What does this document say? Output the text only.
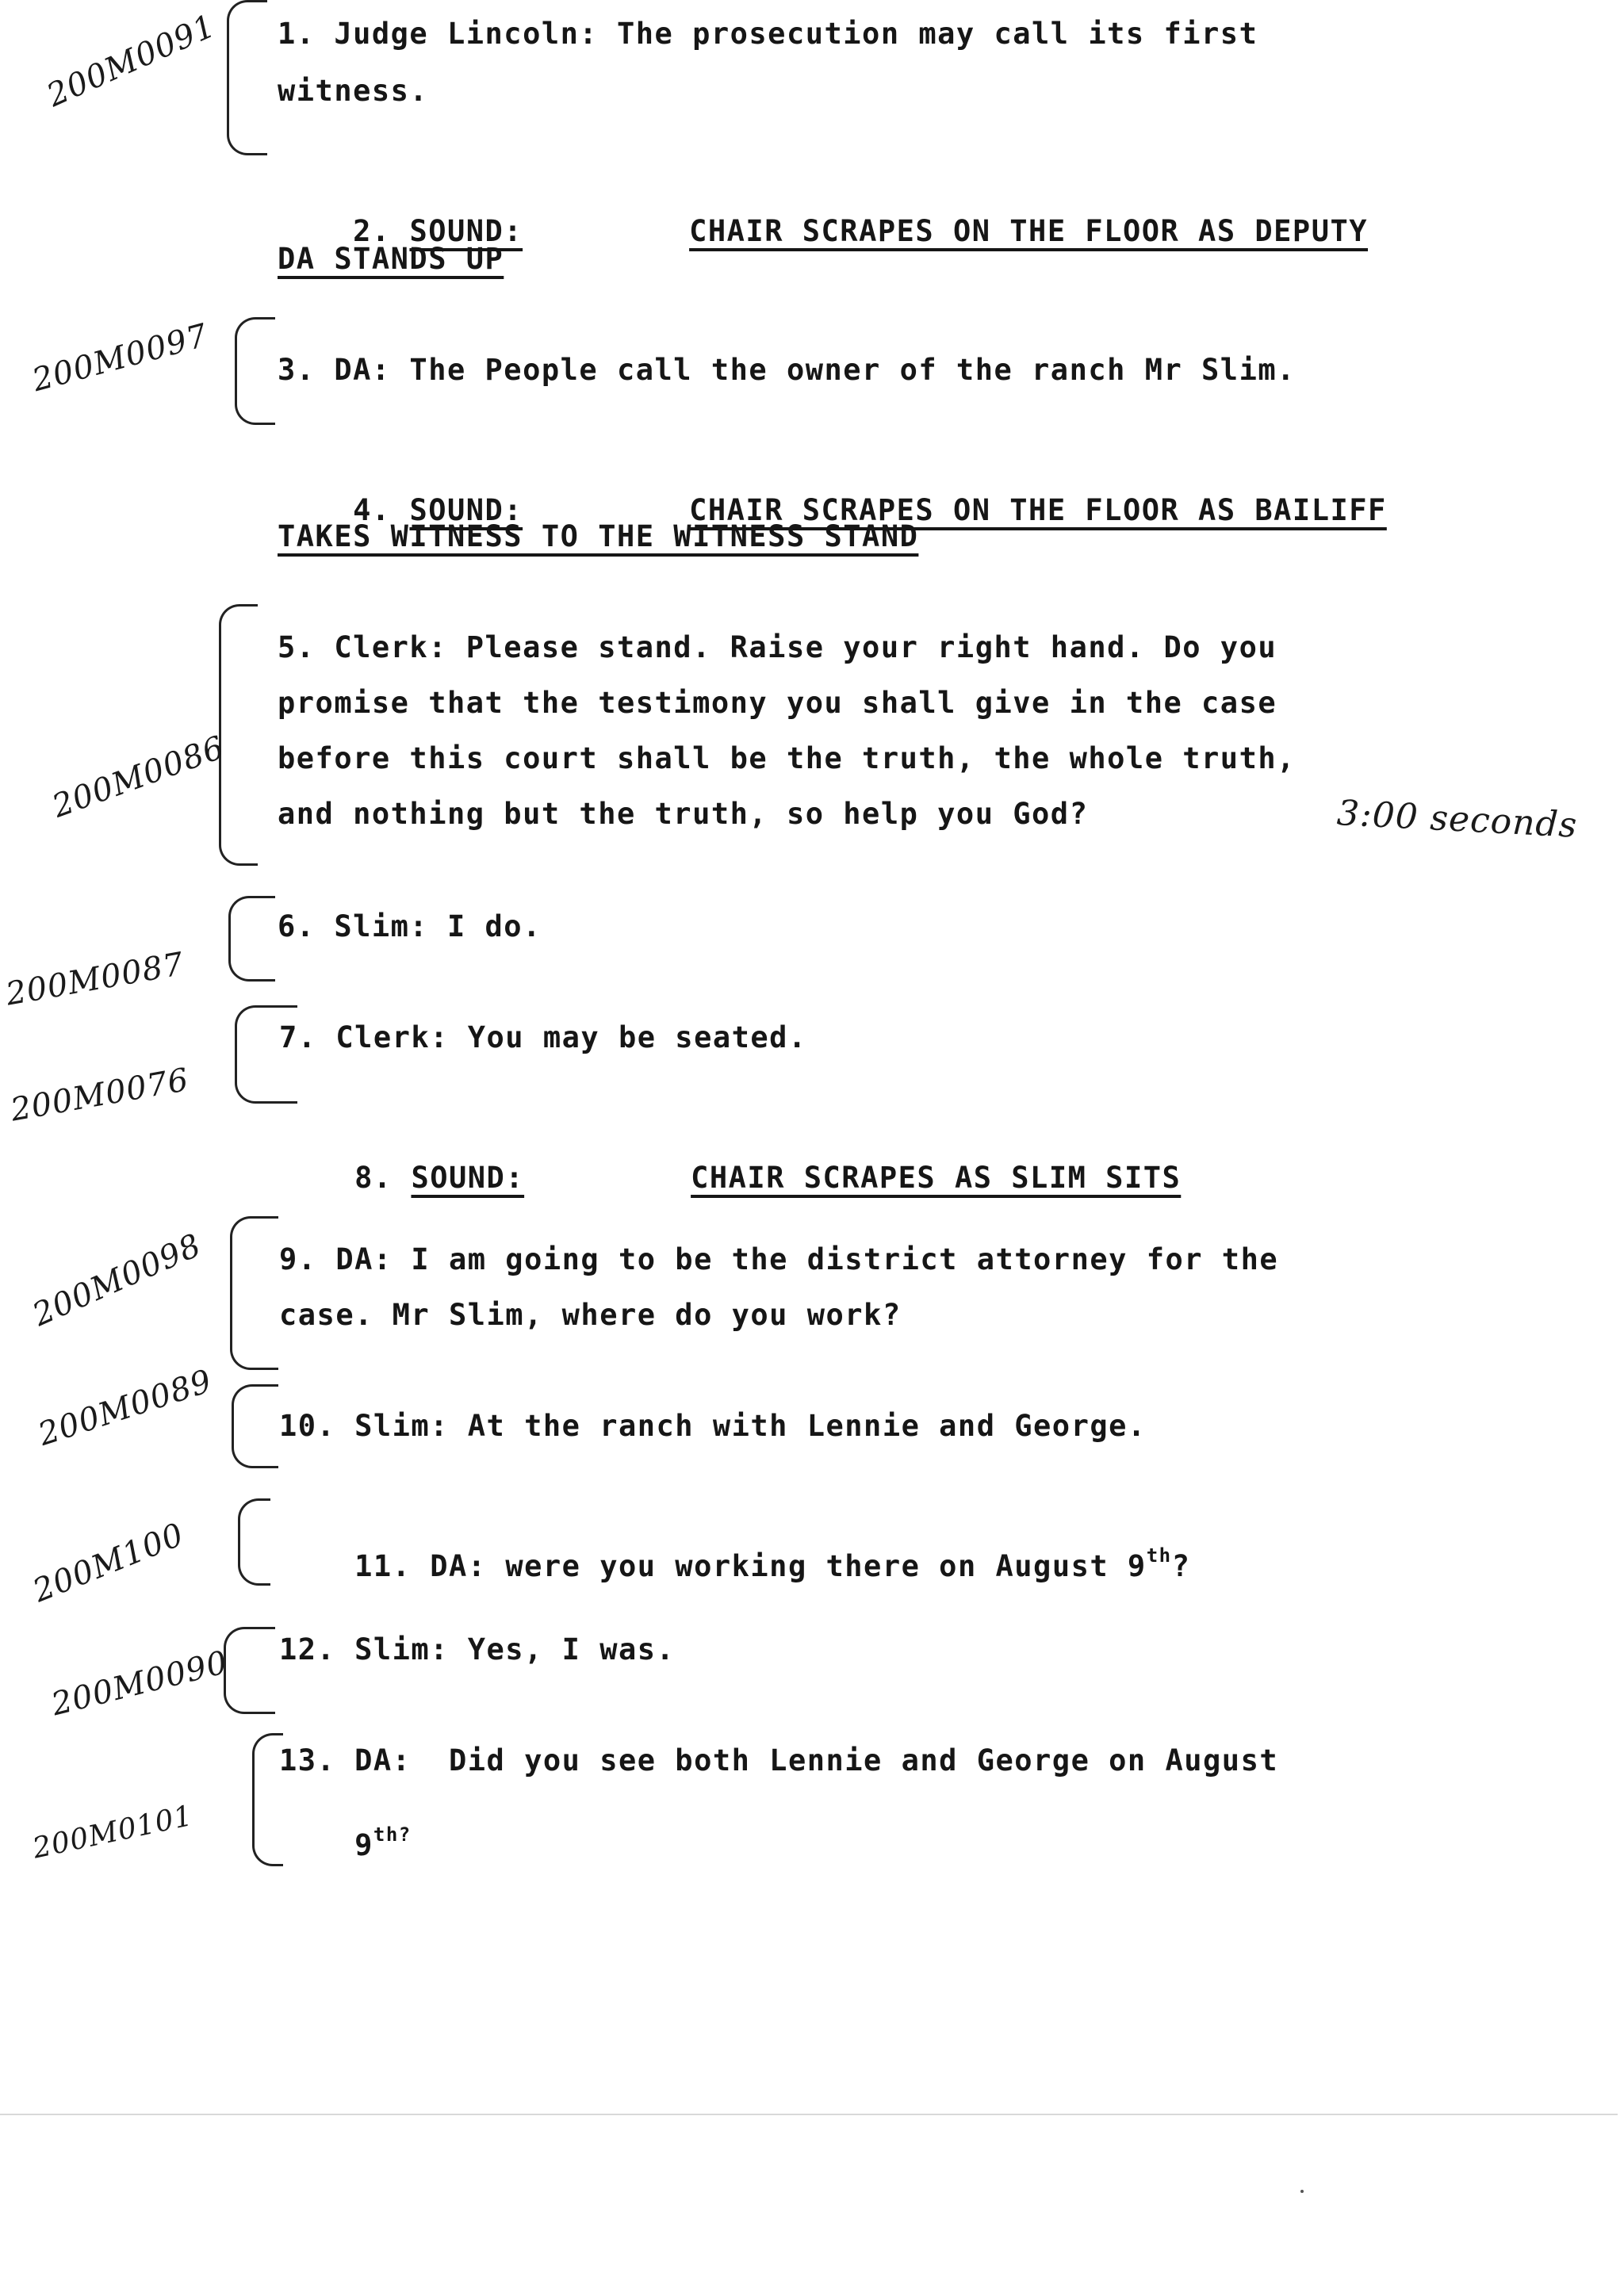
1. Judge Lincoln: The prosecution may call its first
witness.

2. SOUND:	CHAIR SCRAPES ON THE FLOOR AS DEPUTY

DA STANDS UP
3. DA: The People call the owner of the ranch Mr Slim.

4. SOUND:	CHAIR SCRAPES ON THE FLOOR AS BAILIFF

TAKES WITNESS TO THE WITNESS STAND
5. Clerk: Please stand. Raise your right hand. Do you
promise that the testimony you shall give in the case
before this court shall be the truth, the whole truth,
and nothing but the truth, so help you God?
6. Slim: I do.
7. Clerk: You may be seated.

8. SOUND:	CHAIR SCRAPES AS SLIM SITS

9. DA: I am going to be the district attorney for the
case. Mr Slim, where do you work?
10. Slim: At the ranch with Lennie and George.

11. DA: were you working there on August 9th?

12. Slim: Yes, I was.
13. DA:  Did you see both Lennie and George on August

$9^{th?}$

200M0091
200M0097
200M0086	3:00 seconds
200M0087
200M0076
200M0098
200M0089
200M100
200M0090
200M0101
